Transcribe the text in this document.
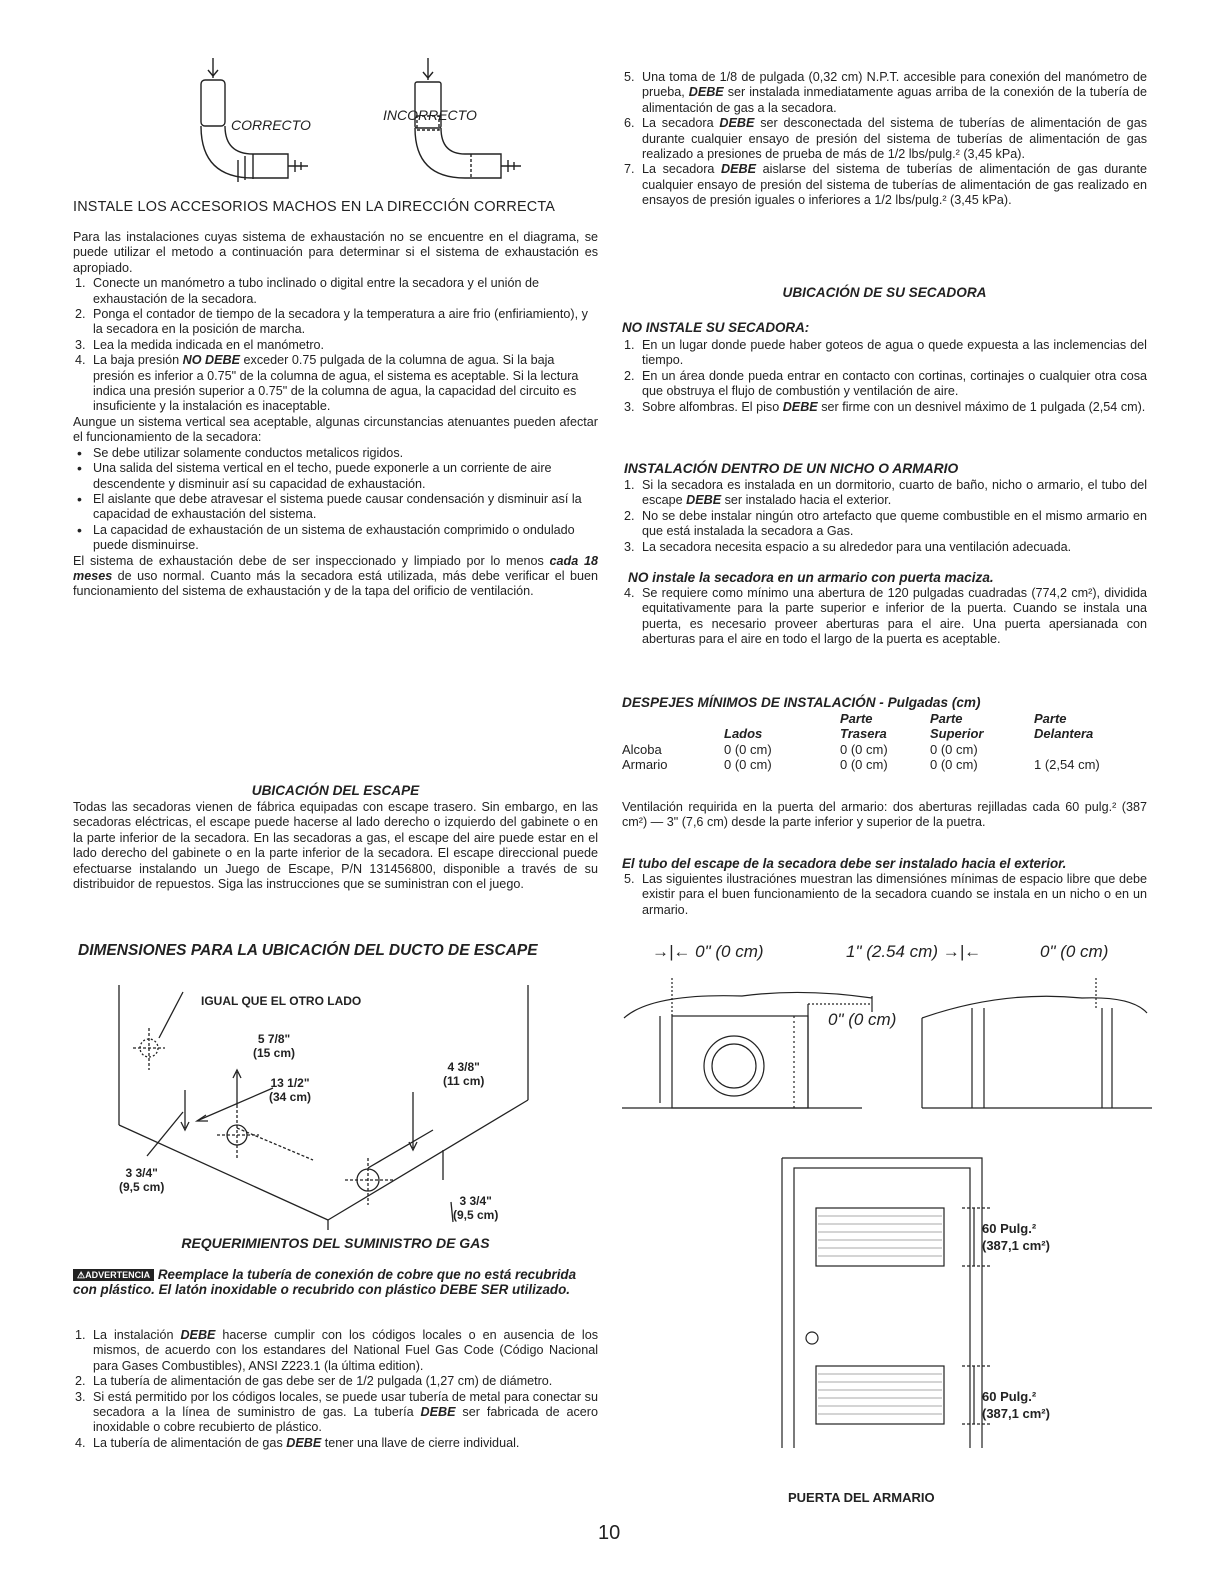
CORRECTO
INCORRECTO
INSTALE LOS ACCESORIOS MACHOS EN LA DIRECCIÓN CORRECTA

Para las instalaciones cuyas sistema de exhaustación no se encuentre en el diagrama, se puede utilizar el metodo a continuación para determinar si el sistema de exhaustación es apropiado.

1. Conecte un manómetro a tubo inclinado o digital entre la secadora y el unión de exhaustación de la secadora.
2. Ponga el contador de tiempo de la secadora y la temperatura a aire frio (enfiriamiento), y la secadora en la posición de marcha.
3. Lea la medida indicada en el manómetro.
4. La baja presión NO DEBE exceder 0.75 pulgada de la columna de agua. Si la baja presión es inferior a 0.75" de la columna de agua, el sistema es aceptable. Si la lectura indica una presión superior a 0.75" de la columna de agua, la capacidad del circuito es insuficiente y la instalación es inaceptable.

Aungue un sistema vertical sea aceptable, algunas circunstancias atenuantes pueden afectar el funcionamiento de la secadora:

• Se debe utilizar solamente conductos metalicos rigidos.
• Una salida del sistema vertical en el techo, puede exponerle a un corriente de aire descendente y disminuir así su capacidad de exhaustación.
• El aislante que debe atravesar el sistema puede causar condensación y disminuir así la capacidad de exhaustación del sistema.
• La capacidad de exhaustación de un sistema de exhaustación comprimido o ondulado puede disminuirse.

El sistema de exhaustación debe de ser inspeccionado y limpiado por lo menos cada 18 meses de uso normal. Cuanto más la secadora está utilizada, más debe verificar el buen funcionamiento del sistema de exhaustación y de la tapa del orificio de ventilación.

UBICACIÓN DEL ESCAPE

Todas las secadoras vienen de fábrica equipadas con escape trasero. Sin embargo, en las secadoras eléctricas, el escape puede hacerse al lado derecho o izquierdo del gabinete o en la parte inferior de la secadora. En las secadoras a gas, el escape del aire puede estar en el lado derecho del gabinete o en la parte inferior de la secadora. El escape direccional puede efectuarse instalando un Juego de Escape, P/N 131456800, disponible a través de su distribuidor de repuestos. Siga las instrucciones que se suministran con el juego.

DIMENSIONES PARA LA UBICACIÓN DEL DUCTO DE ESCAPE
IGUAL QUE EL OTRO LADO
5 7/8"
(15 cm)
13 1/2"
(34 cm)
4 3/8"
(11 cm)
3 3/4"
(9,5 cm)
3 3/4"
(9,5 cm)
REQUERIMIENTOS DEL SUMINISTRO DE GAS
⚠ADVERTENCIA Reemplace la tubería de conexión de cobre que no está recubrida con plástico. El latón inoxidable o recubrido con plástico DEBE SER utilizado.
1. La instalación DEBE hacerse cumplir con los códigos locales o en ausencia de los mismos, de acuerdo con los estandares del National Fuel Gas Code (Código Nacional para Gases Combustibles), ANSI Z223.1 (la última edition).
2. La tubería de alimentación de gas debe ser de 1/2 pulgada (1,27 cm) de diámetro.
3. Si está permitido por los códigos locales, se puede usar tubería de metal para conectar su secadora a la línea de suministro de gas. La tubería DEBE ser fabricada de acero inoxidable o cobre recubierto de plástico.
4. La tubería de alimentación de gas DEBE tener una llave de cierre individual.
5. Una toma de 1/8 de pulgada (0,32 cm) N.P.T. accesible para conexión del manómetro de prueba, DEBE ser instalada inmediatamente aguas arriba de la conexión de la tubería de alimentación de gas a la secadora.
6. La secadora DEBE ser desconectada del sistema de tuberías de alimentación de gas durante cualquier ensayo de presión del sistema de tuberías de alimentación de gas realizado a presiones de prueba de más de 1/2 lbs/pulg.² (3,45 kPa).
7. La secadora DEBE aislarse del sistema de tuberías de alimentación de gas durante cualquier ensayo de presión del sistema de tuberías de alimentación de gas realizado en ensayos de presión iguales o inferiores a 1/2 lbs/pulg.² (3,45 kPa).
UBICACIÓN DE SU SECADORA
NO INSTALE SU SECADORA:
1. En un lugar donde puede haber goteos de agua o quede expuesta a las inclemencias del tiempo.
2. En un área donde pueda entrar en contacto con cortinas, cortinajes o cualquier otra cosa que obstruya el flujo de combustión y ventilación de aire.
3. Sobre alfombras. El piso DEBE ser firme con un desnivel máximo de 1 pulgada (2,54 cm).
INSTALACIÓN DENTRO DE UN NICHO O ARMARIO
1. Si la secadora es instalada en un dormitorio, cuarto de baño, nicho o armario, el tubo del escape DEBE ser instalado hacia el exterior.
2. No se debe instalar ningún otro artefacto que queme combustible en el mismo armario en que está instalada la secadora a Gas.
3. La secadora necesita espacio a su alrededor para una ventilación adecuada.
NO instale la secadora en un armario con puerta maciza.
4. Se requiere como mínimo una abertura de 120 pulgadas cuadradas (774,2 cm²), dividida equitativamente para la parte superior e inferior de la puerta. Cuando se instala una puerta, es necesario proveer aberturas para el aire. Una puerta apersianada con aberturas para el aire en todo el largo de la puerta es aceptable.
DESPEJES MÍNIMOS DE INSTALACIÓN - Pulgadas (cm)
		Parte	Parte	Parte
	Lados	Trasera	Superior	Delantera
Alcoba	0 (0 cm)	0 (0 cm)	0 (0 cm)	
Armario	0 (0 cm)	0 (0 cm)	0 (0 cm)	1 (2,54 cm)

Ventilación requirida en la puerta del armario: dos aberturas rejilladas cada 60 pulg.² (387 cm²) — 3" (7,6 cm) desde la parte inferior y superior de la puetra.

El tubo del escape de la secadora debe ser instalado hacia el exterior.
5. Las siguientes ilustraciónes muestran las dimensiónes mínimas de espacio libre que debe existir para el buen funcionamiento de la secadora cuando se instala en un nicho o en un armario.
→|← 0" (0 cm)	1" (2.54 cm) →|←	0" (0 cm)
0" (0 cm)
60 Pulg.²
(387,1 cm²)
60 Pulg.²
(387,1 cm²)
PUERTA DEL ARMARIO
10
